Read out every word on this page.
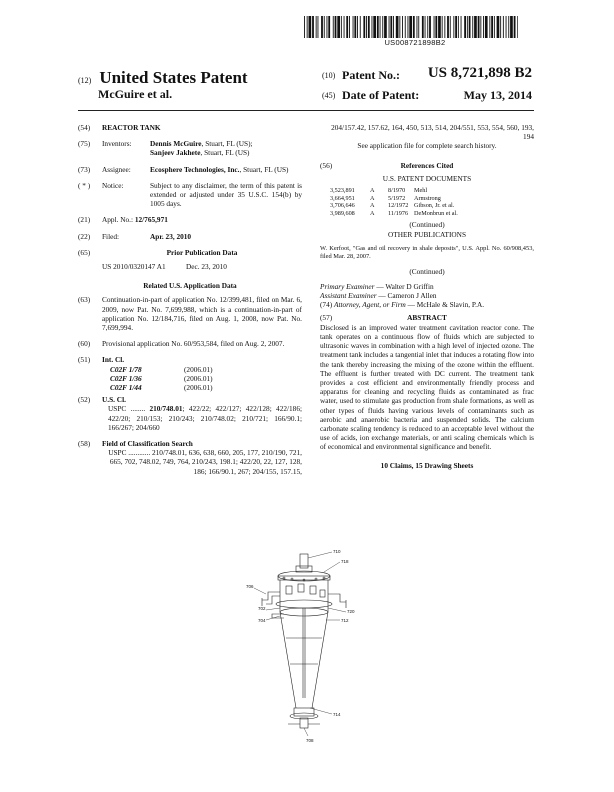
US008721898B2
(12) United States Patent
McGuire et al.
(10) Patent No.: US 8,721,898 B2
(45) Date of Patent:	May 13, 2014
(54) REACTOR TANK
(75) Inventors:	Dennis McGuire, Stuart, FL (US);
Sanjeev Jakhete, Stuart, FL (US)
(73) Assignee:	Ecosphere Technologies, Inc., Stuart, FL (US)
( * ) Notice:	Subject to any disclaimer, the term of this patent is extended or adjusted under 35 U.S.C. 154(b) by 1005 days.
(21) Appl. No.: 12/765,971
(22) Filed:	Apr. 23, 2010
(65)	Prior Publication Data
US 2010/0320147 A1	Dec. 23, 2010
Related U.S. Application Data
(63) Continuation-in-part of application No. 12/399,481, filed on Mar. 6, 2009, now Pat. No. 7,699,988, which is a continuation-in-part of application No. 12/184,716, filed on Aug. 1, 2008, now Pat. No. 7,699,994.
(60) Provisional application No. 60/953,584, filed on Aug. 2, 2007.
(51) Int. Cl.
C02F 1/78	(2006.01)
C02F 1/36	(2006.01)
C02F 1/44	(2006.01)
(52) U.S. Cl.
USPC ........ 210/748.01; 422/22; 422/127; 422/128; 422/186; 422/20; 210/153; 210/243; 210/748.02; 210/721; 166/90.1; 166/267; 204/660
(58) Field of Classification Search
USPC ............ 210/748.01, 636, 638, 660, 205, 177, 210/190, 721, 665, 702, 748.02, 749, 764, 210/243, 198.1; 422/20, 22, 127, 128, 186; 166/90.1, 267; 204/155, 157.15,
204/157.42, 157.62, 164, 450, 513, 514, 204/551, 553, 554, 560, 193, 194
See application file for complete search history.
(56)	References Cited
U.S. PATENT DOCUMENTS
3,523,891	A	8/1970	Mehl
3,664,951	A	5/1972	Armstrong
3,706,646	A	12/1972 Gibson, Jr. et al.
3,989,608	A	11/1976 DeMonbrun et al.
(Continued)
OTHER PUBLICATIONS
W. Kerfoot, "Gas and oil recovery in shale deposits", U.S. Appl. No. 60/908,453, filed Mar. 28, 2007.
(Continued)
Primary Examiner — Walter D Griffin
Assistant Examiner — Cameron J Allen
(74) Attorney, Agent, or Firm — McHale & Slavin, P.A.
(57)	ABSTRACT
Disclosed is an improved water treatment cavitation reactor cone. The tank operates on a continuous flow of fluids which are subjected to ultrasonic waves in combination with a high level of injected ozone. The treatment tank includes a tangential inlet that induces a rotating flow into the tank thereby increasing the mixing of the ozone within the effluent. The effluent is further treated with DC current. The treatment tank provides a cost efficient and environmentally friendly process and apparatus for cleaning and recycling fluids as contaminated as frac water, used to stimulate gas production from shale formations, as well as other types of fluids having various levels of contaminants such as aerobic and anaerobic bacteria and suspended solids. The calcium carbonate scaling tendency is reduced to an acceptable level without the use of acids, ion exchange materials, or anti scaling chemicals which is of economical and environmental significance and benefit.
10 Claims, 15 Drawing Sheets
710
718
706
702
704
720
712
714
708
